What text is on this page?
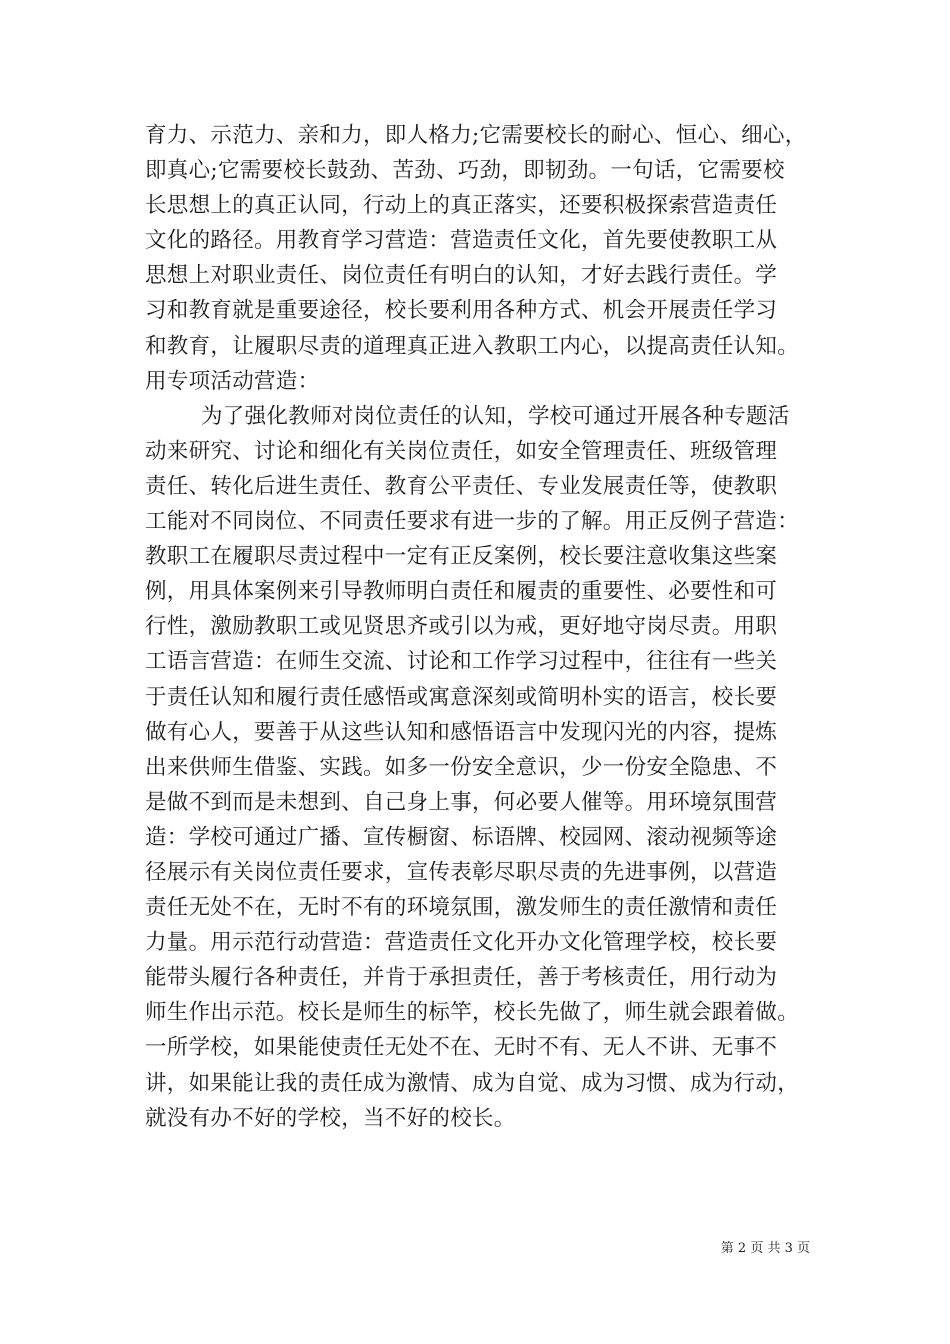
育力、示范力、亲和力，即人格力;它需要校长的耐心、恒心、细心，
即真心;它需要校长鼓劲、苦劲、巧劲，即韧劲。一句话，它需要校
长思想上的真正认同，行动上的真正落实，还要积极探索营造责任
文化的路径。用教育学习营造：营造责任文化，首先要使教职工从
思想上对职业责任、岗位责任有明白的认知，才好去践行责任。学
习和教育就是重要途径，校长要利用各种方式、机会开展责任学习
和教育，让履职尽责的道理真正进入教职工内心，以提高责任认知。
用专项活动营造：
为了强化教师对岗位责任的认知，学校可通过开展各种专题活
动来研究、讨论和细化有关岗位责任，如安全管理责任、班级管理
责任、转化后进生责任、教育公平责任、专业发展责任等，使教职
工能对不同岗位、不同责任要求有进一步的了解。用正反例子营造：
教职工在履职尽责过程中一定有正反案例，校长要注意收集这些案
例，用具体案例来引导教师明白责任和履责的重要性、必要性和可
行性，激励教职工或见贤思齐或引以为戒，更好地守岗尽责。用职
工语言营造：在师生交流、讨论和工作学习过程中，往往有一些关
于责任认知和履行责任感悟或寓意深刻或简明朴实的语言，校长要
做有心人，要善于从这些认知和感悟语言中发现闪光的内容，提炼
出来供师生借鉴、实践。如多一份安全意识，少一份安全隐患、不
是做不到而是未想到、自己身上事，何必要人催等。用环境氛围营
造：学校可通过广播、宣传橱窗、标语牌、校园网、滚动视频等途
径展示有关岗位责任要求，宣传表彰尽职尽责的先进事例，以营造
责任无处不在，无时不有的环境氛围，激发师生的责任激情和责任
力量。用示范行动营造：营造责任文化开办文化管理学校，校长要
能带头履行各种责任，并肯于承担责任，善于考核责任，用行动为
师生作出示范。校长是师生的标竿，校长先做了，师生就会跟着做。
一所学校，如果能使责任无处不在、无时不有、无人不讲、无事不
讲，如果能让我的责任成为激情、成为自觉、成为习惯、成为行动，
就没有办不好的学校，当不好的校长。
第 2 页 共 3 页
